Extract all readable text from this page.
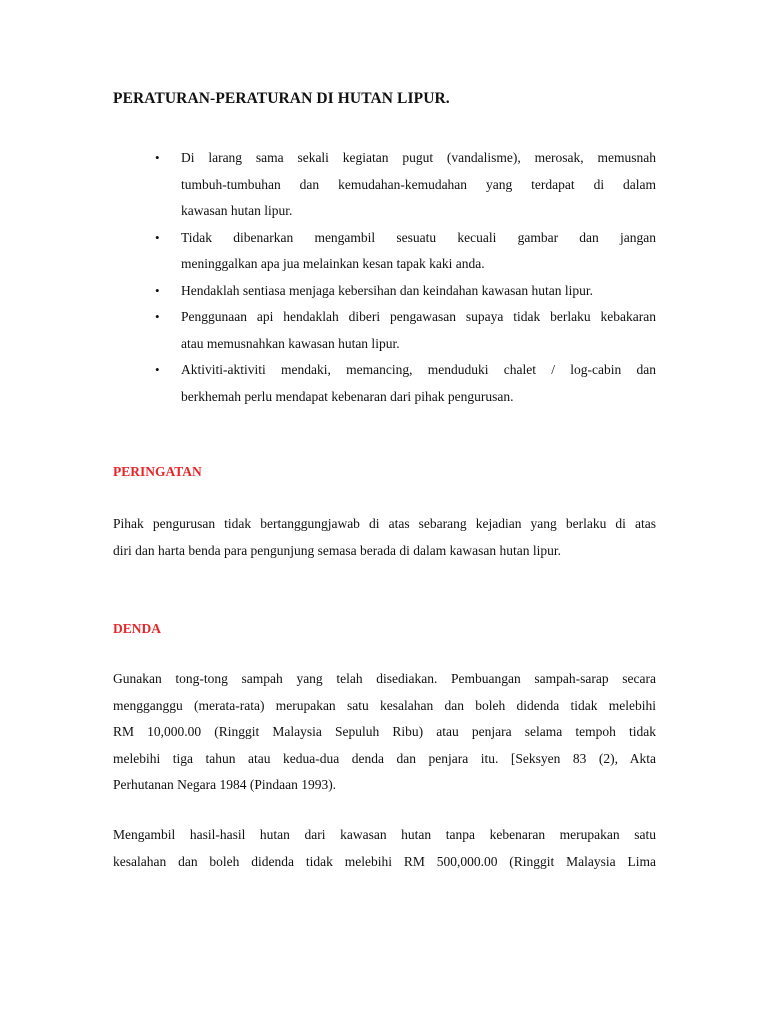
PERATURAN-PERATURAN DI HUTAN LIPUR.
• Di larang sama sekali kegiatan pugut (vandalisme), merosak, memusnah
tumbuh-tumbuhan dan kemudahan-kemudahan yang terdapat di dalam
kawasan hutan lipur.
• Tidak dibenarkan mengambil sesuatu kecuali gambar dan jangan
meninggalkan apa jua melainkan kesan tapak kaki anda.
• Hendaklah sentiasa menjaga kebersihan dan keindahan kawasan hutan lipur.
• Penggunaan api hendaklah diberi pengawasan supaya tidak berlaku kebakaran
atau memusnahkan kawasan hutan lipur.
• Aktiviti-aktiviti mendaki, memancing, menduduki chalet / log-cabin dan
berkhemah perlu mendapat kebenaran dari pihak pengurusan.
PERINGATAN

Pihak pengurusan tidak bertanggungjawab di atas sebarang kejadian yang berlaku di atas
diri dan harta benda para pengunjung semasa berada di dalam kawasan hutan lipur.

DENDA

Gunakan tong-tong sampah yang telah disediakan. Pembuangan sampah-sarap secara
mengganggu (merata-rata) merupakan satu kesalahan dan boleh didenda tidak melebihi
RM 10,000.00 (Ringgit Malaysia Sepuluh Ribu) atau penjara selama tempoh tidak
melebihi tiga tahun atau kedua-dua denda dan penjara itu. [Seksyen 83 (2), Akta
Perhutanan Negara 1984 (Pindaan 1993).

Mengambil hasil-hasil hutan dari kawasan hutan tanpa kebenaran merupakan satu
kesalahan dan boleh didenda tidak melebihi RM 500,000.00 (Ringgit Malaysia Lima
